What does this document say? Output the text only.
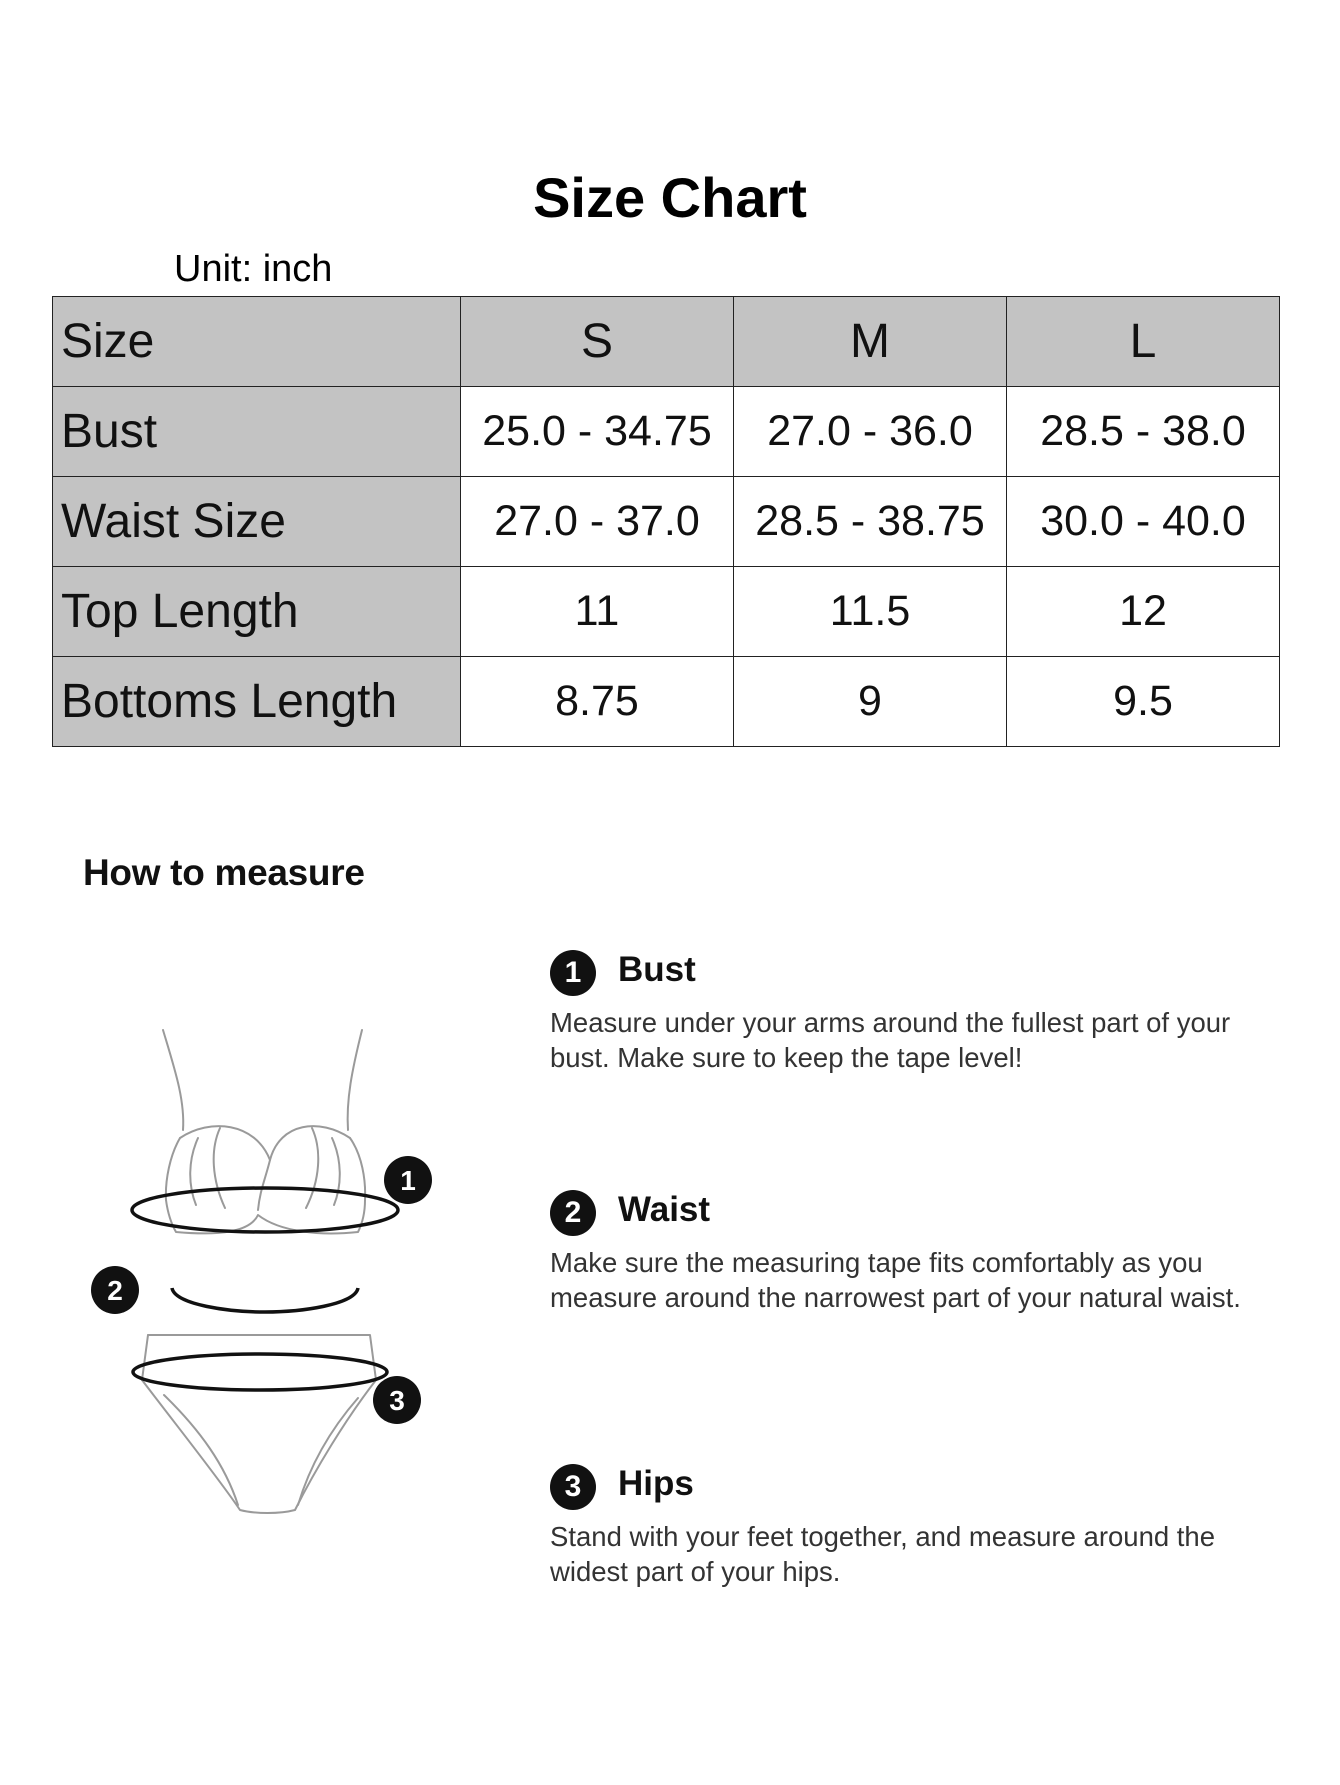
Size Chart
Unit: inch
Size	S	M	L
Bust	25.0 - 34.75	27.0 - 36.0	28.5 - 38.0
Waist Size	27.0 - 37.0	28.5 - 38.75	30.0 - 40.0
Top Length	11	11.5	12
Bottoms Length	8.75	9	9.5
How to measure
1
2
3
1	Bust
Measure under your arms around the fullest part of your bust. Make sure to keep the tape level!
2	Waist
Make sure the measuring tape fits comfortably as you measure around the narrowest part of your natural waist.
3	Hips
Stand with your feet together, and measure around the widest part of your hips.
